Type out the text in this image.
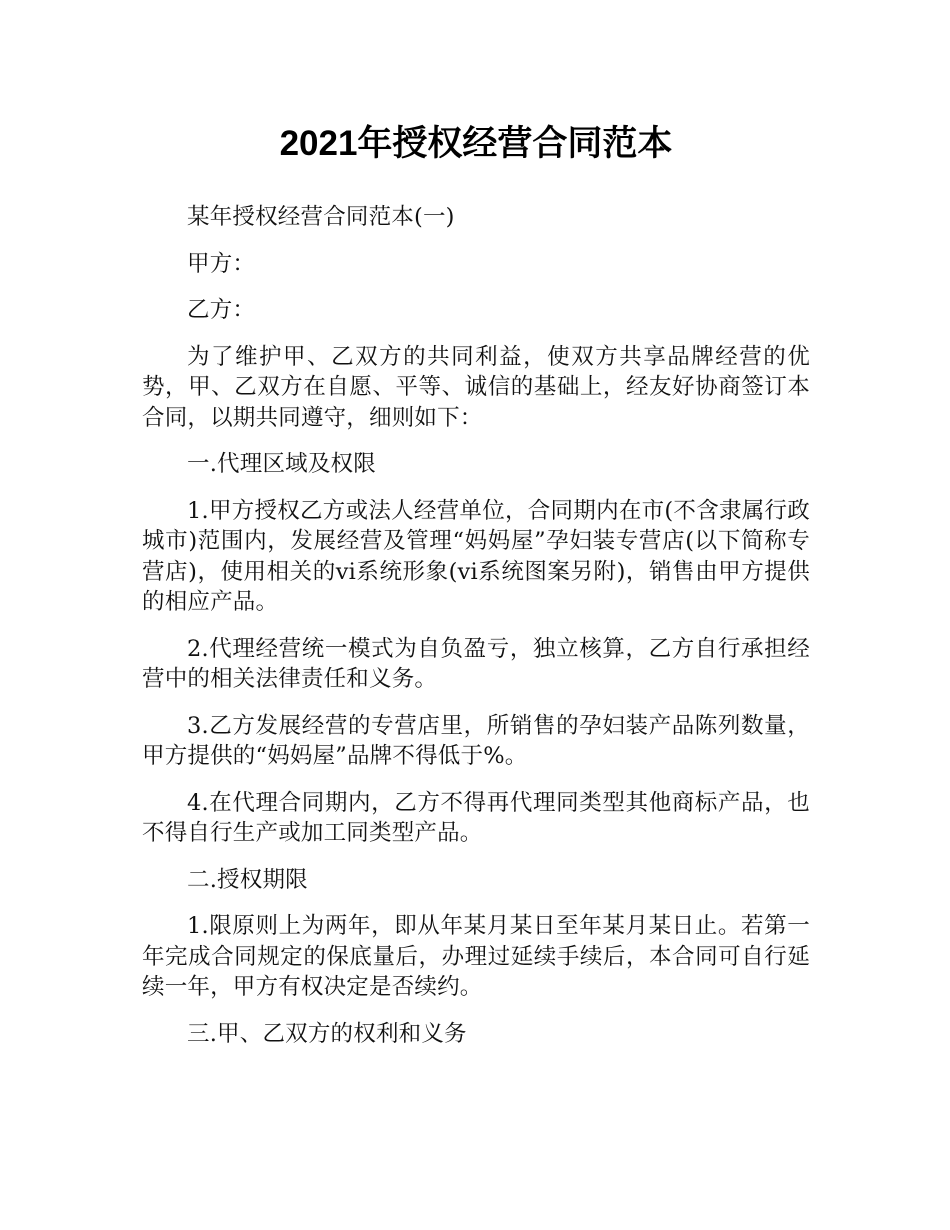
2021年授权经营合同范本

某年授权经营合同范本(一)

甲方：

乙方：

为了维护甲、乙双方的共同利益，使双方共享品牌经营的优势，甲、乙双方在自愿、平等、诚信的基础上，经友好协商签订本合同，以期共同遵守，细则如下：

一.代理区域及权限

1.甲方授权乙方或法人经营单位，合同期内在市(不含隶属行政城市)范围内，发展经营及管理“妈妈屋”孕妇装专营店(以下简称专营店)，使用相关的vi系统形象(vi系统图案另附)，销售由甲方提供的相应产品。

2.代理经营统一模式为自负盈亏，独立核算，乙方自行承担经营中的相关法律责任和义务。

3.乙方发展经营的专营店里，所销售的孕妇装产品陈列数量，甲方提供的“妈妈屋”品牌不得低于%。

4.在代理合同期内，乙方不得再代理同类型其他商标产品，也不得自行生产或加工同类型产品。

二.授权期限

1.限原则上为两年，即从年某月某日至年某月某日止。若第一年完成合同规定的保底量后，办理过延续手续后，本合同可自行延续一年，甲方有权决定是否续约。

三.甲、乙双方的权利和义务
